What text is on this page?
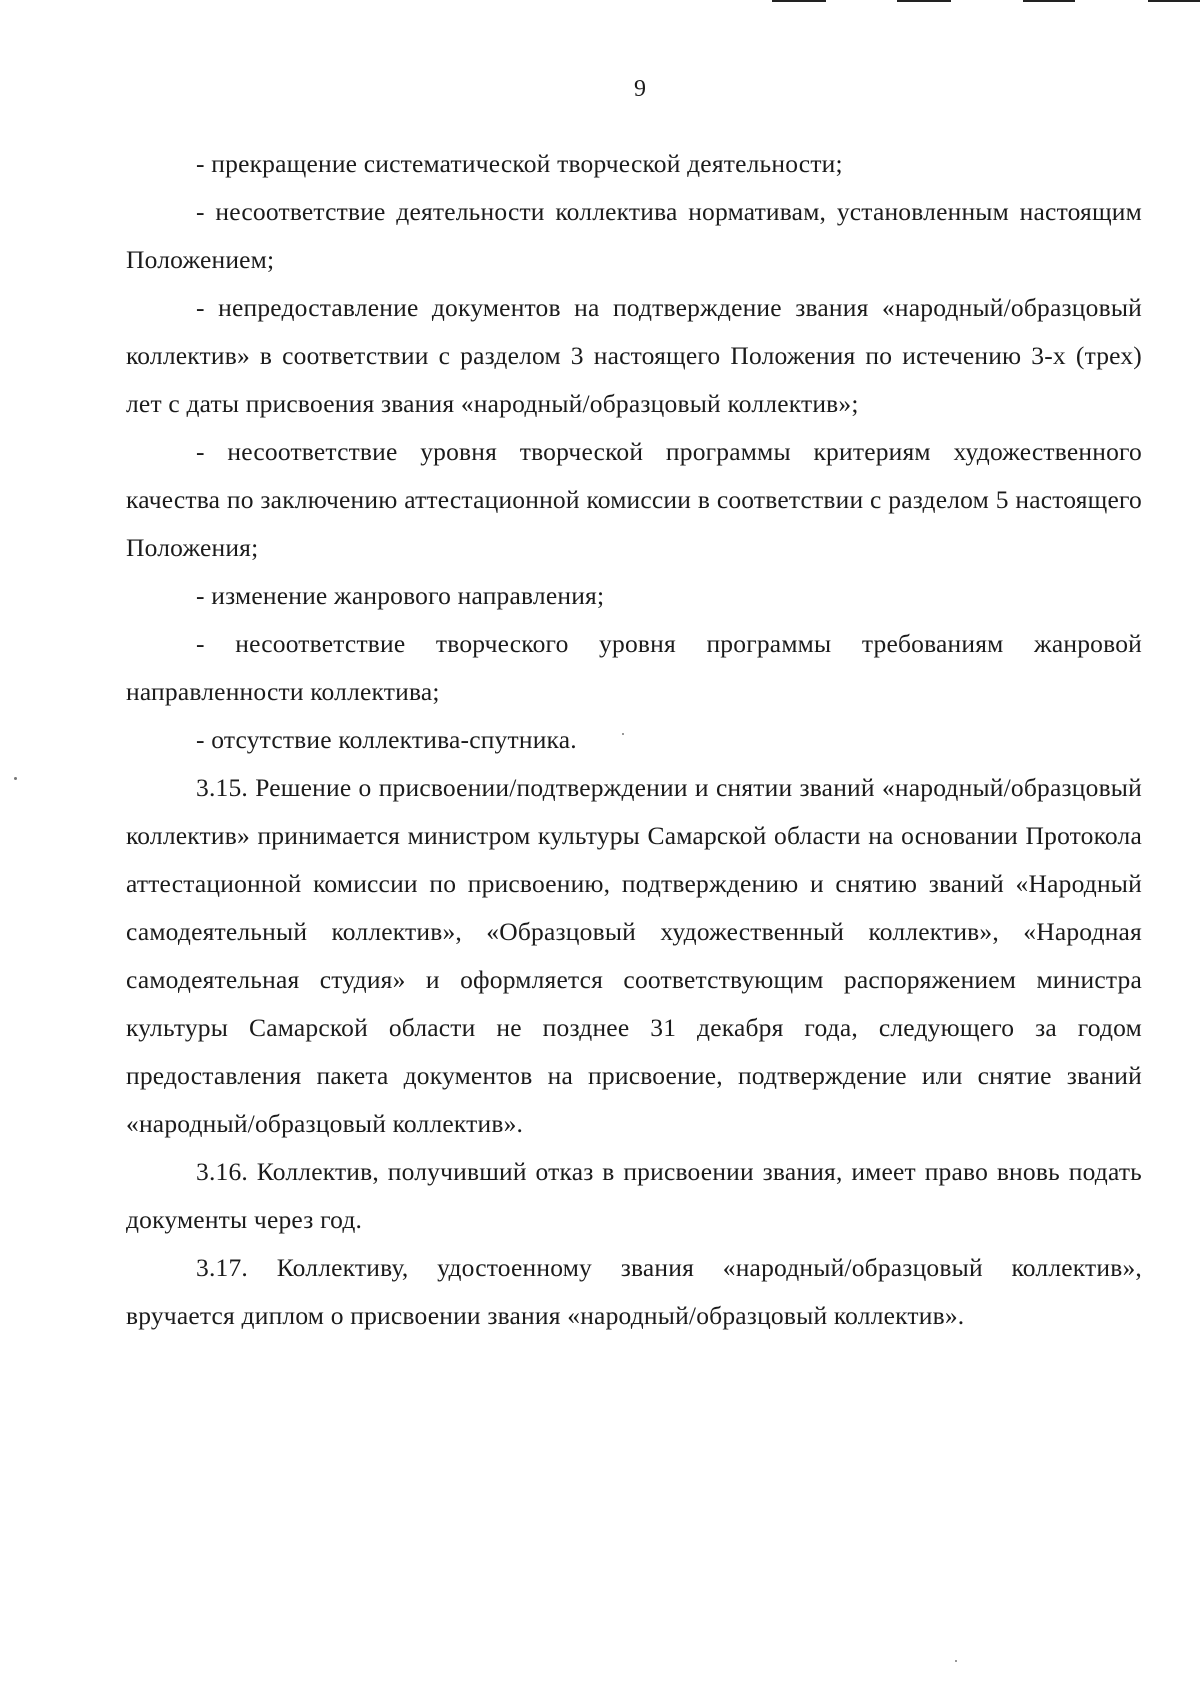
9

- прекращение систематической творческой деятельности;

- несоответствие деятельности коллектива нормативам, установленным настоящим Положением;

- непредоставление документов на подтверждение звания «народный/образцовый коллектив» в соответствии с разделом 3 настоящего Положения по истечению 3-х (трех) лет с даты присвоения звания «народный/образцовый коллектив»;

- несоответствие уровня творческой программы критериям художественного качества по заключению аттестационной комиссии в соответствии с разделом 5 настоящего Положения;

- изменение жанрового направления;

- несоответствие творческого уровня программы требованиям жанровой направленности коллектива;

- отсутствие коллектива-спутника.

3.15. Решение о присвоении/подтверждении и снятии званий «народный/образцовый коллектив» принимается министром культуры Самарской области на основании Протокола аттестационной комиссии по присвоению, подтверждению и снятию званий «Народный самодеятельный коллектив», «Образцовый художественный коллектив», «Народная самодеятельная студия» и оформляется соответствующим распоряжением министра культуры Самарской области не позднее 31 декабря года, следующего за годом предоставления пакета документов на присвоение, подтверждение или снятие званий «народный/образцовый коллектив».

3.16. Коллектив, получивший отказ в присвоении звания, имеет право вновь подать документы через год.

3.17. Коллективу, удостоенному звания «народный/образцовый коллектив», вручается диплом о присвоении звания «народный/образцовый коллектив».
